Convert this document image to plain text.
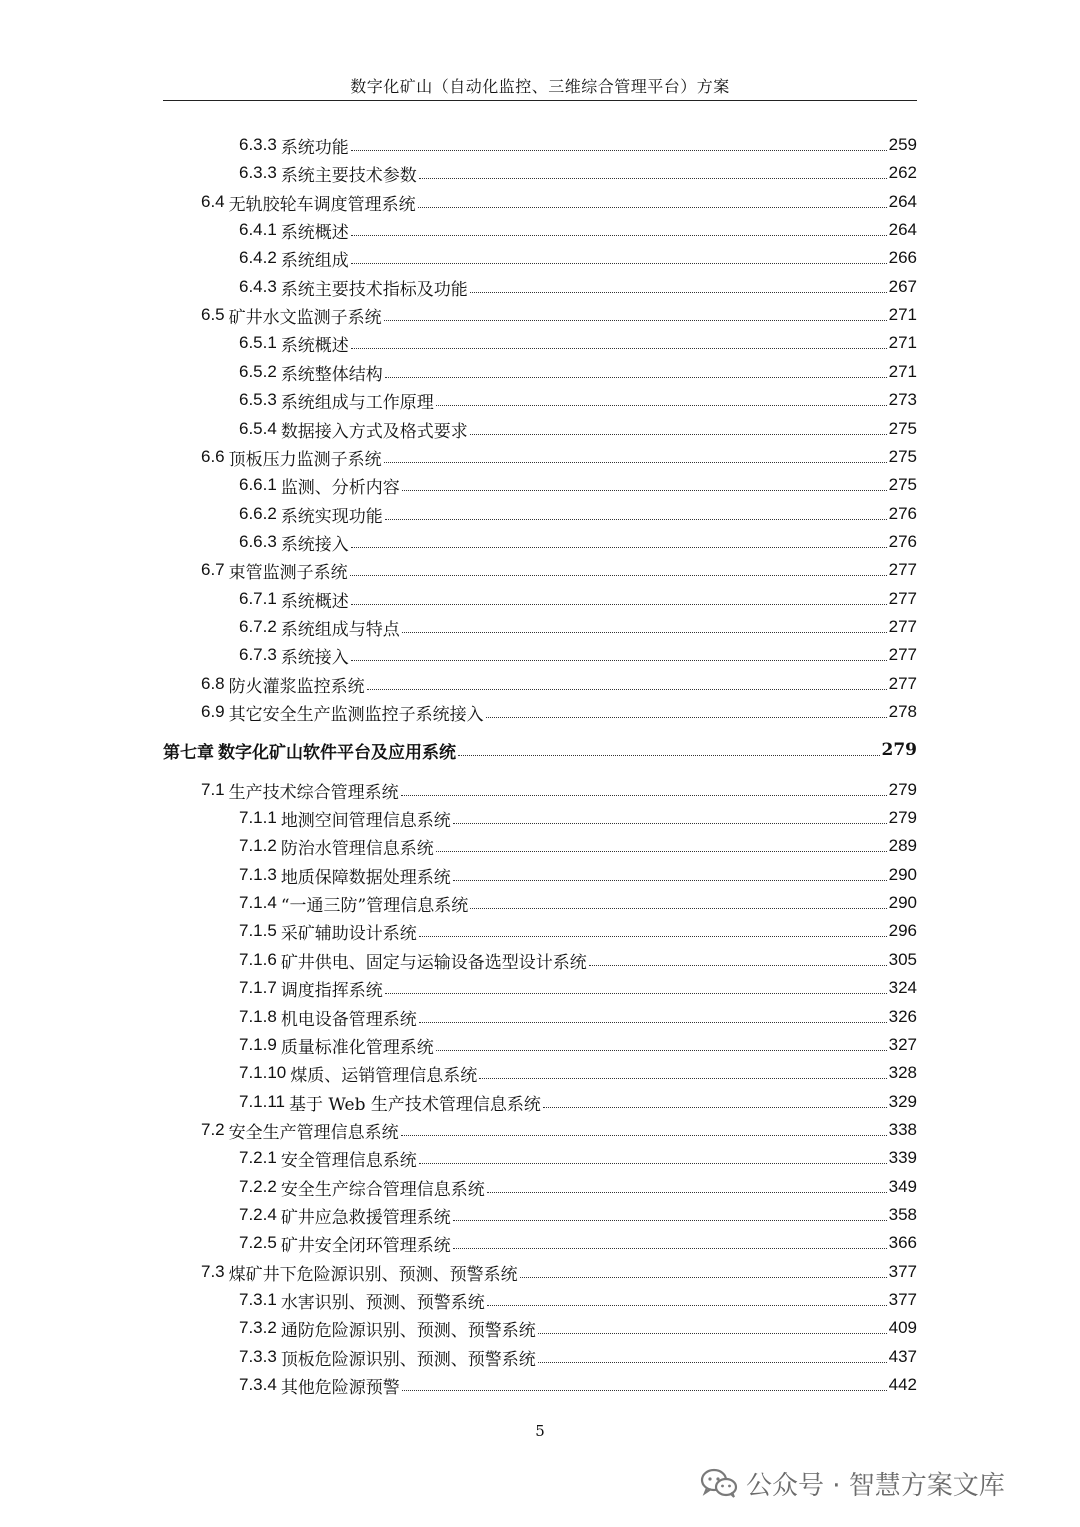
数字化矿山（自动化监控、三维综合管理平台）方案
6.3.3 系统功能	259
6.3.3 系统主要技术参数	262
6.4 无轨胶轮车调度管理系统	264
6.4.1 系统概述	264
6.4.2 系统组成	266
6.4.3 系统主要技术指标及功能	267
6.5 矿井水文监测子系统	271
6.5.1 系统概述	271
6.5.2 系统整体结构	271
6.5.3 系统组成与工作原理	273
6.5.4 数据接入方式及格式要求	275
6.6 顶板压力监测子系统	275
6.6.1 监测、分析内容	275
6.6.2 系统实现功能	276
6.6.3 系统接入	276
6.7 束管监测子系统	277
6.7.1 系统概述	277
6.7.2 系统组成与特点	277
6.7.3 系统接入	277
6.8 防火灌浆监控系统	277
6.9 其它安全生产监测监控子系统接入	278
第七章 数字化矿山软件平台及应用系统	279
7.1 生产技术综合管理系统	279
7.1.1 地测空间管理信息系统	279
7.1.2 防治水管理信息系统	289
7.1.3 地质保障数据处理系统	290
7.1.4 “一通三防”管理信息系统	290
7.1.5 采矿辅助设计系统	296
7.1.6 矿井供电、固定与运输设备选型设计系统	305
7.1.7 调度指挥系统	324
7.1.8 机电设备管理系统	326
7.1.9 质量标准化管理系统	327
7.1.10 煤质、运销管理信息系统	328
7.1.11 基于 Web 生产技术管理信息系统	329
7.2 安全生产管理信息系统	338
7.2.1 安全管理信息系统	339
7.2.2 安全生产综合管理信息系统	349
7.2.4 矿井应急救援管理系统	358
7.2.5 矿井安全闭环管理系统	366
7.3 煤矿井下危险源识别、预测、预警系统	377
7.3.1 水害识别、预测、预警系统	377
7.3.2 通防危险源识别、预测、预警系统	409
7.3.3 顶板危险源识别、预测、预警系统	437
7.3.4 其他危险源预警	442
5
公众号 · 智慧方案文库
